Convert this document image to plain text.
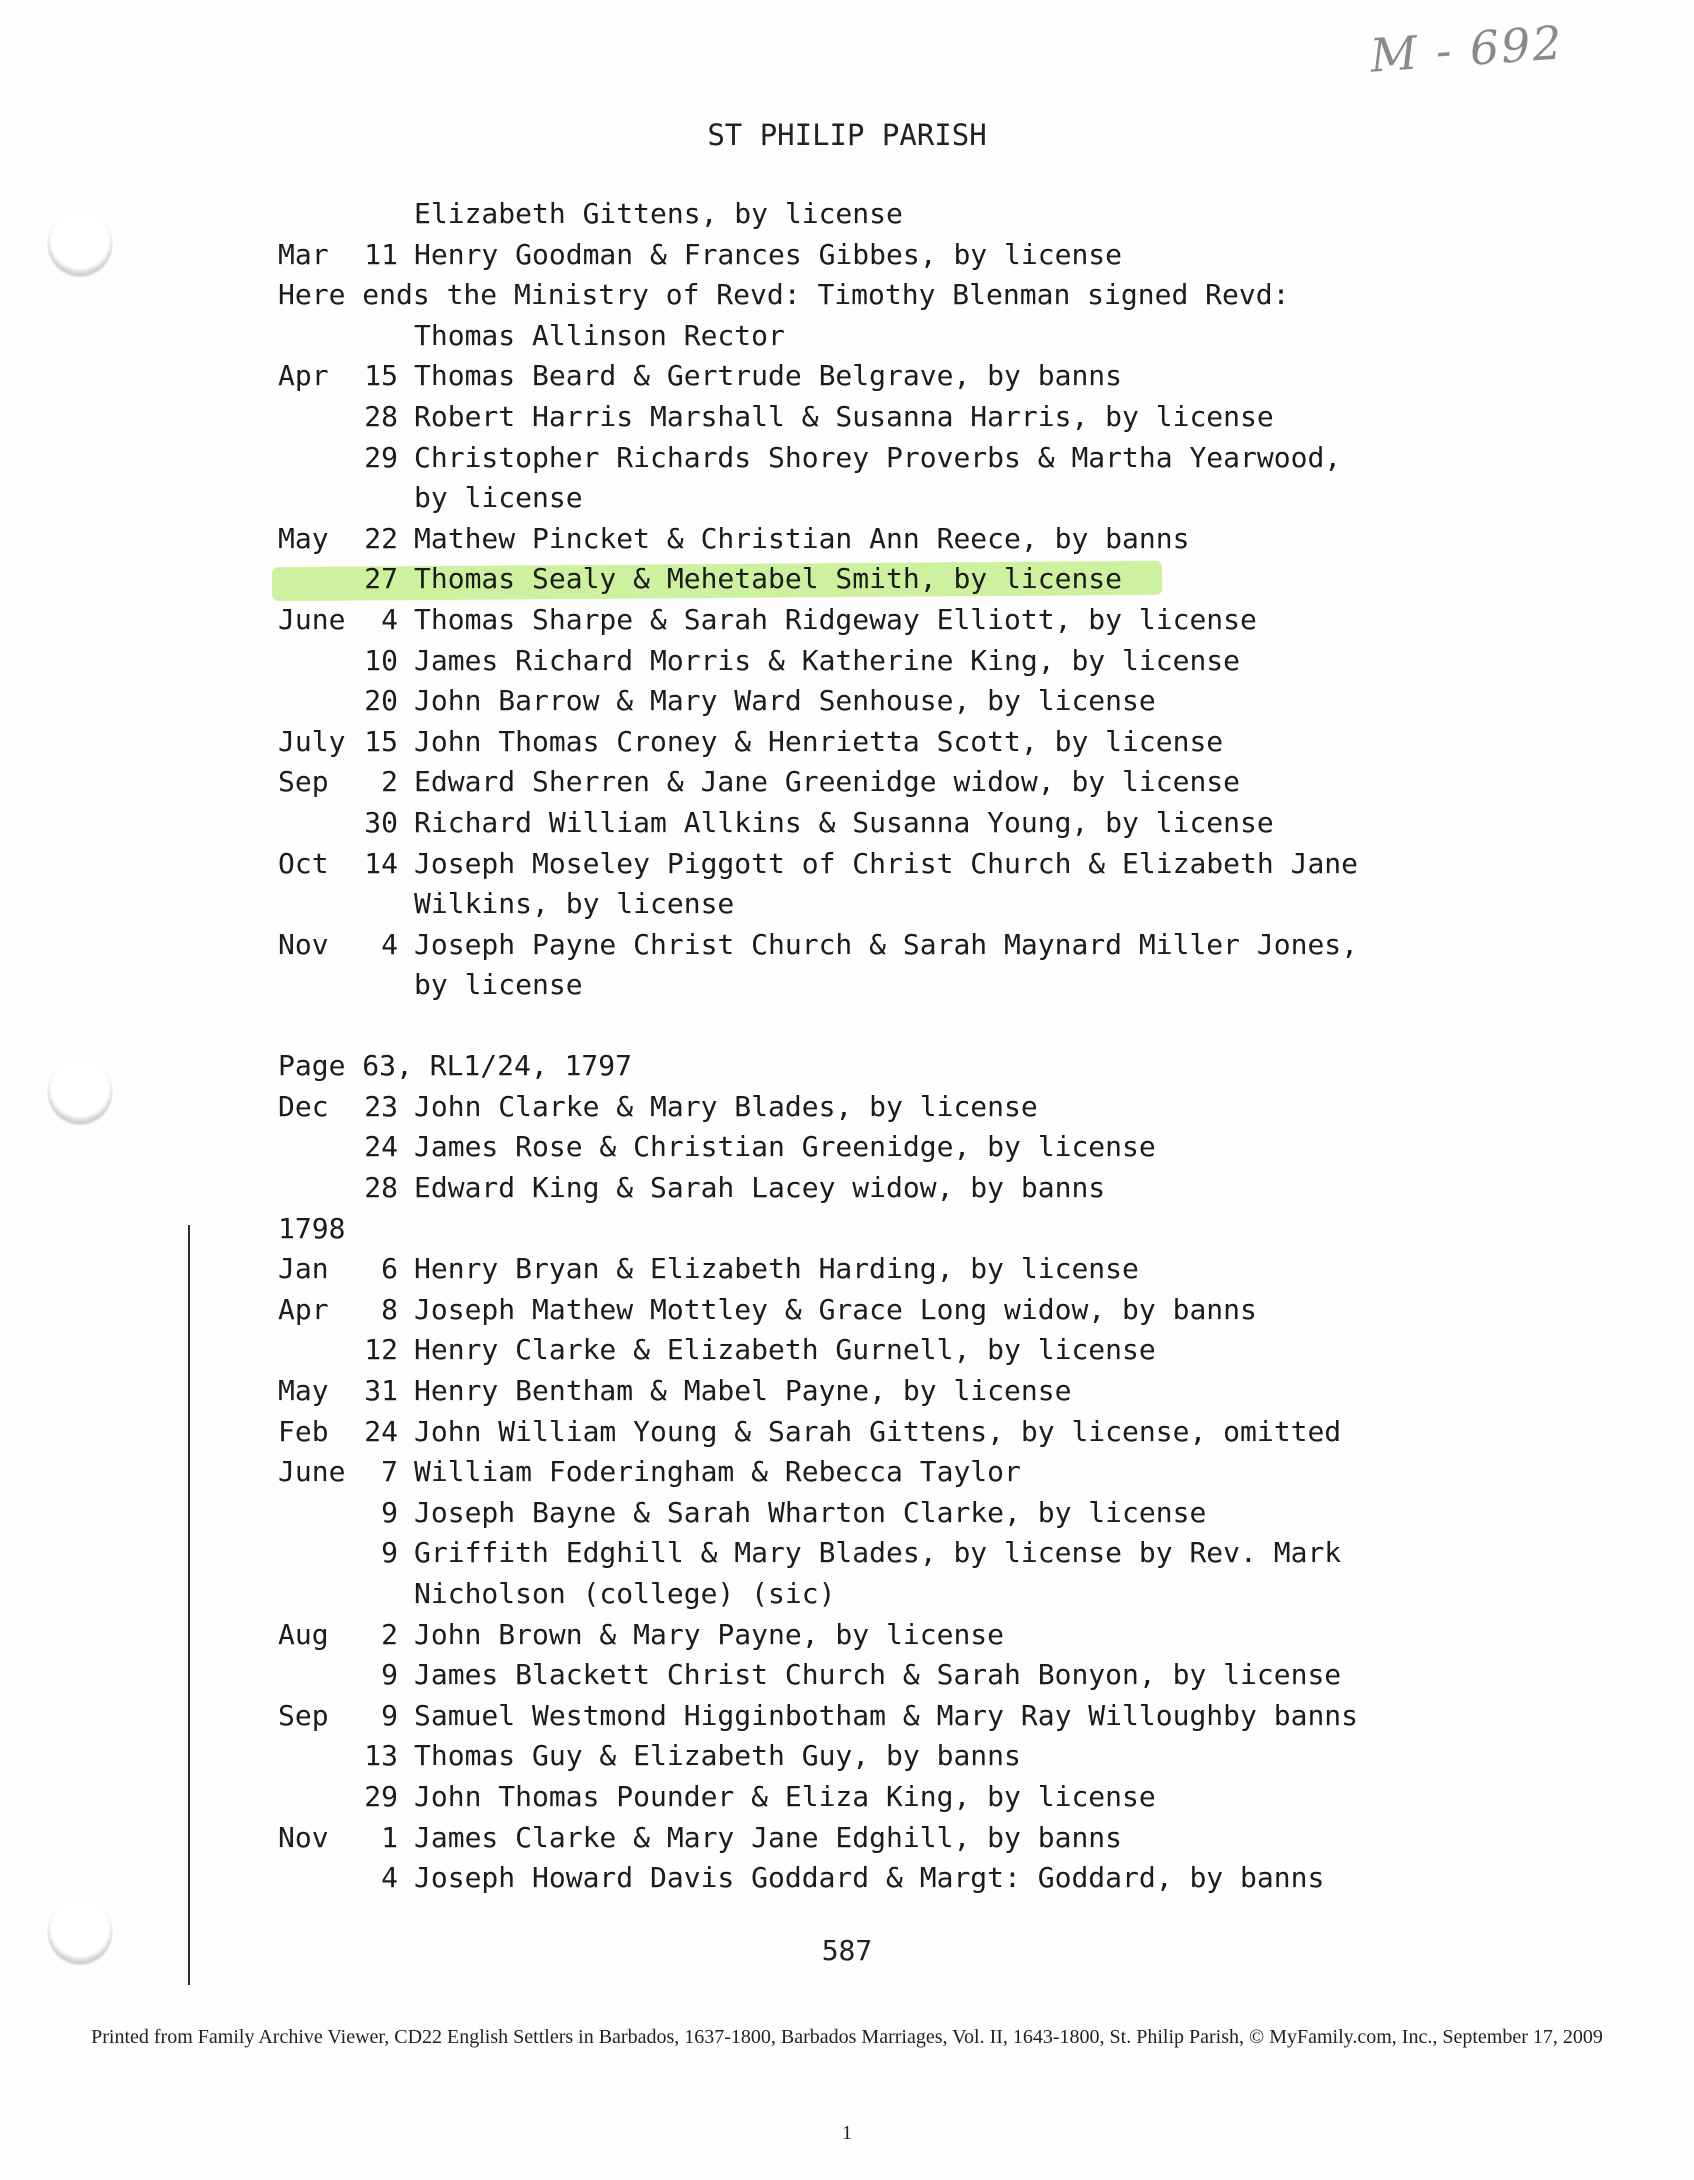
M - 692
ST PHILIP PARISH
Elizabeth Gittens, by license
Mar	11 Henry Goodman & Frances Gibbes, by license
Here ends the Ministry of Revd: Timothy Blenman signed Revd:
Thomas Allinson Rector
Apr	15 Thomas Beard & Gertrude Belgrave, by banns
28 Robert Harris Marshall & Susanna Harris, by license
29 Christopher Richards Shorey Proverbs & Martha Yearwood,
by license
May	22 Mathew Pincket & Christian Ann Reece, by banns
27 Thomas Sealy & Mehetabel Smith, by license
June	4 Thomas Sharpe & Sarah Ridgeway Elliott, by license
10 James Richard Morris & Katherine King, by license
20 John Barrow & Mary Ward Senhouse, by license
July 15 John Thomas Croney & Henrietta Scott, by license
Sep	2 Edward Sherren & Jane Greenidge widow, by license
30 Richard William Allkins & Susanna Young, by license
Oct	14 Joseph Moseley Piggott of Christ Church & Elizabeth Jane
Wilkins, by license
Nov	4 Joseph Payne Christ Church & Sarah Maynard Miller Jones,
by license
Page 63, RL1/24, 1797
Dec	23 John Clarke & Mary Blades, by license
24 James Rose & Christian Greenidge, by license
28 Edward King & Sarah Lacey widow, by banns
1798
Jan	6 Henry Bryan & Elizabeth Harding, by license
Apr	8 Joseph Mathew Mottley & Grace Long widow, by banns
12 Henry Clarke & Elizabeth Gurnell, by license
May	31 Henry Bentham & Mabel Payne, by license
Feb	24 John William Young & Sarah Gittens, by license, omitted
June	7 William Foderingham & Rebecca Taylor
9 Joseph Bayne & Sarah Wharton Clarke, by license
9 Griffith Edghill & Mary Blades, by license by Rev. Mark
Nicholson (college) (sic)
Aug	2 John Brown & Mary Payne, by license
9 James Blackett Christ Church & Sarah Bonyon, by license
Sep	9 Samuel Westmond Higginbotham & Mary Ray Willoughby banns
13 Thomas Guy & Elizabeth Guy, by banns
29 John Thomas Pounder & Eliza King, by license
Nov	1 James Clarke & Mary Jane Edghill, by banns
4 Joseph Howard Davis Goddard & Margt: Goddard, by banns
587
Printed from Family Archive Viewer, CD22 English Settlers in Barbados, 1637-1800, Barbados Marriages, Vol. II, 1643-1800, St. Philip Parish, © MyFamily.com, Inc., September 17, 2009
1
